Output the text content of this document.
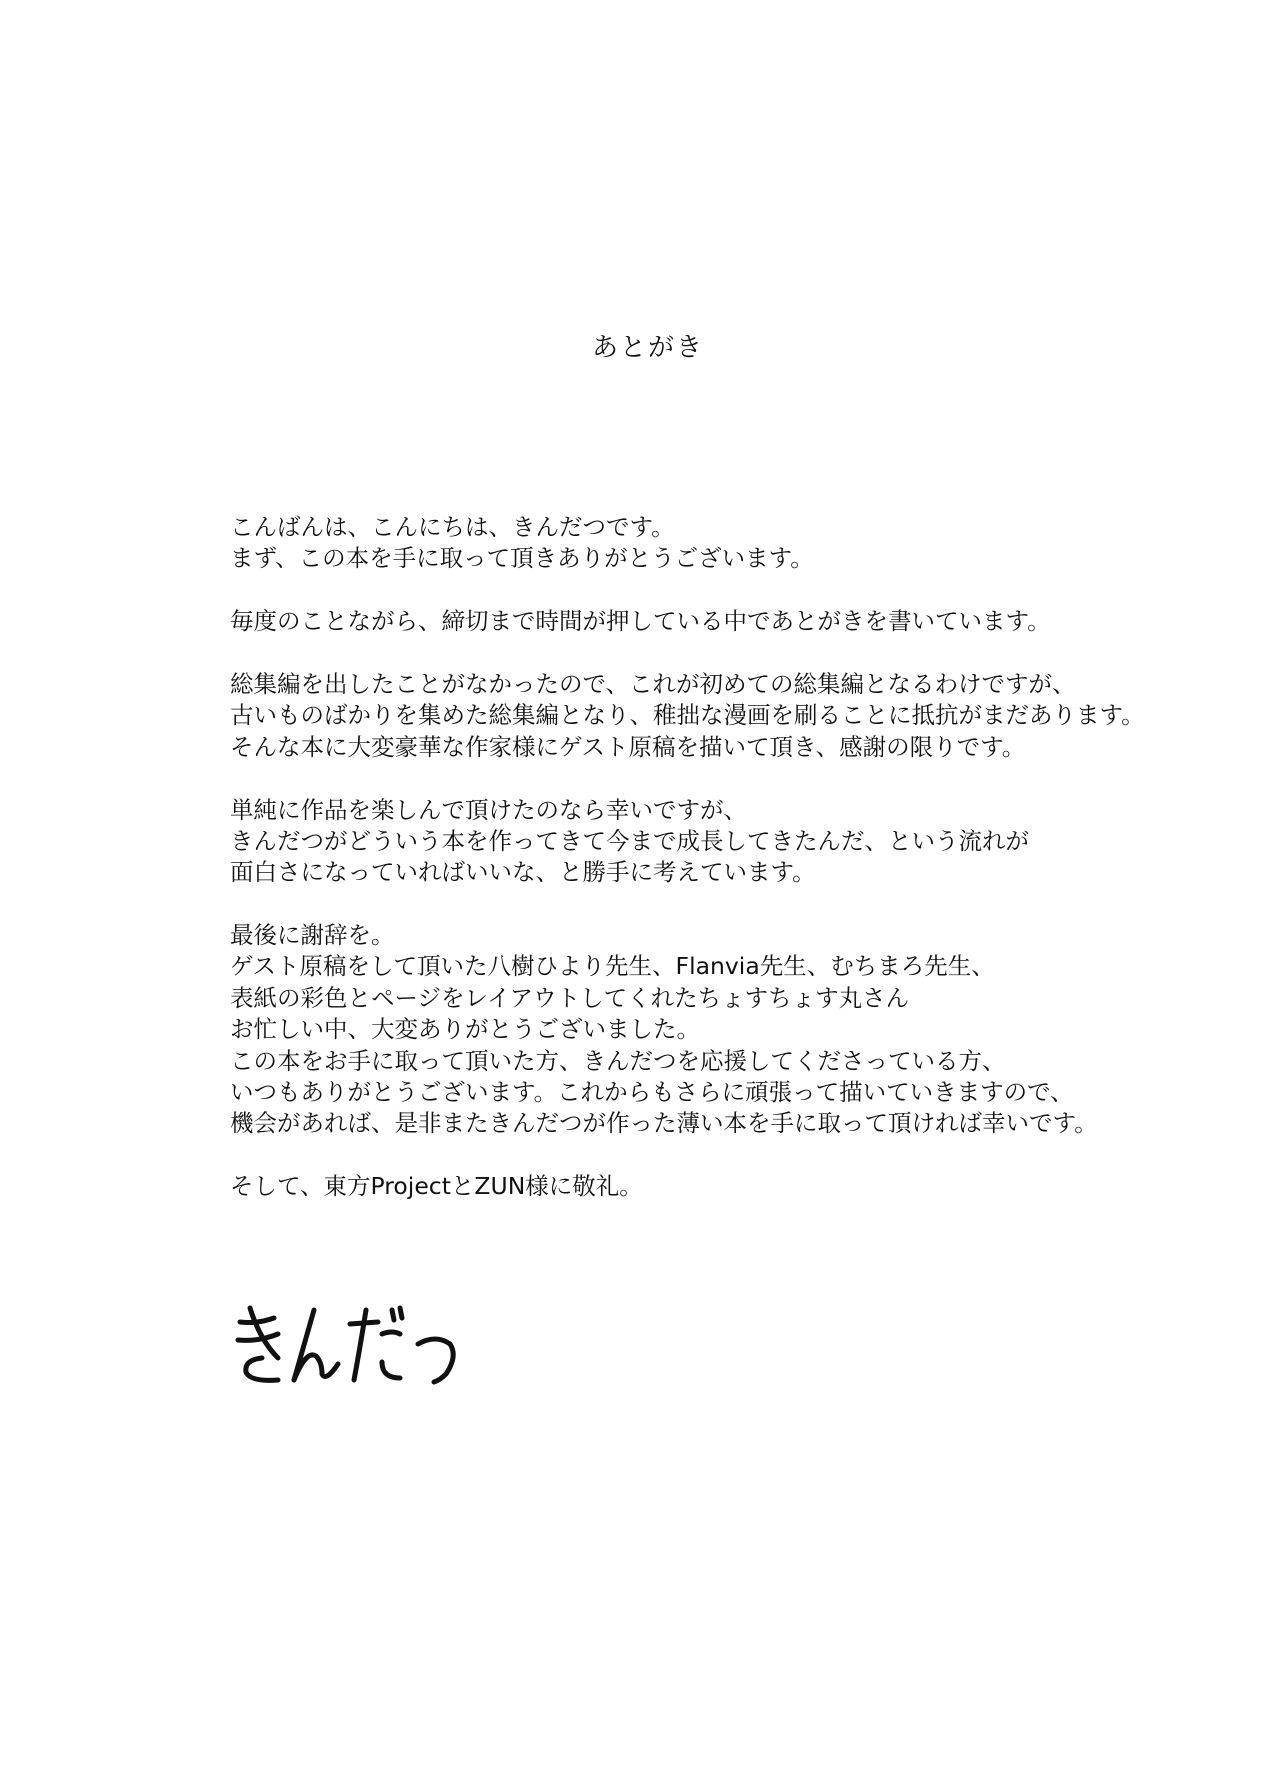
あとがき
こんばんは、こんにちは、きんだつです。
まず、この本を手に取って頂きありがとうございます。
毎度のことながら、締切まで時間が押している中であとがきを書いています。
総集編を出したことがなかったので、これが初めての総集編となるわけですが、
古いものばかりを集めた総集編となり、稚拙な漫画を刷ることに抵抗がまだあります。
そんな本に大変豪華な作家様にゲスト原稿を描いて頂き、感謝の限りです。
単純に作品を楽しんで頂けたのなら幸いですが、
きんだつがどういう本を作ってきて今まで成長してきたんだ、という流れが
面白さになっていればいいな、と勝手に考えています。
最後に謝辞を。
ゲスト原稿をして頂いた八樹ひより先生、Flanvia先生、むちまろ先生、
表紙の彩色とページをレイアウトしてくれたちょすちょす丸さん
お忙しい中、大変ありがとうございました。
この本をお手に取って頂いた方、きんだつを応援してくださっている方、
いつもありがとうございます。これからもさらに頑張って描いていきますので、
機会があれば、是非またきんだつが作った薄い本を手に取って頂ければ幸いです。
そして、東方ProjectとZUN様に敬礼。
